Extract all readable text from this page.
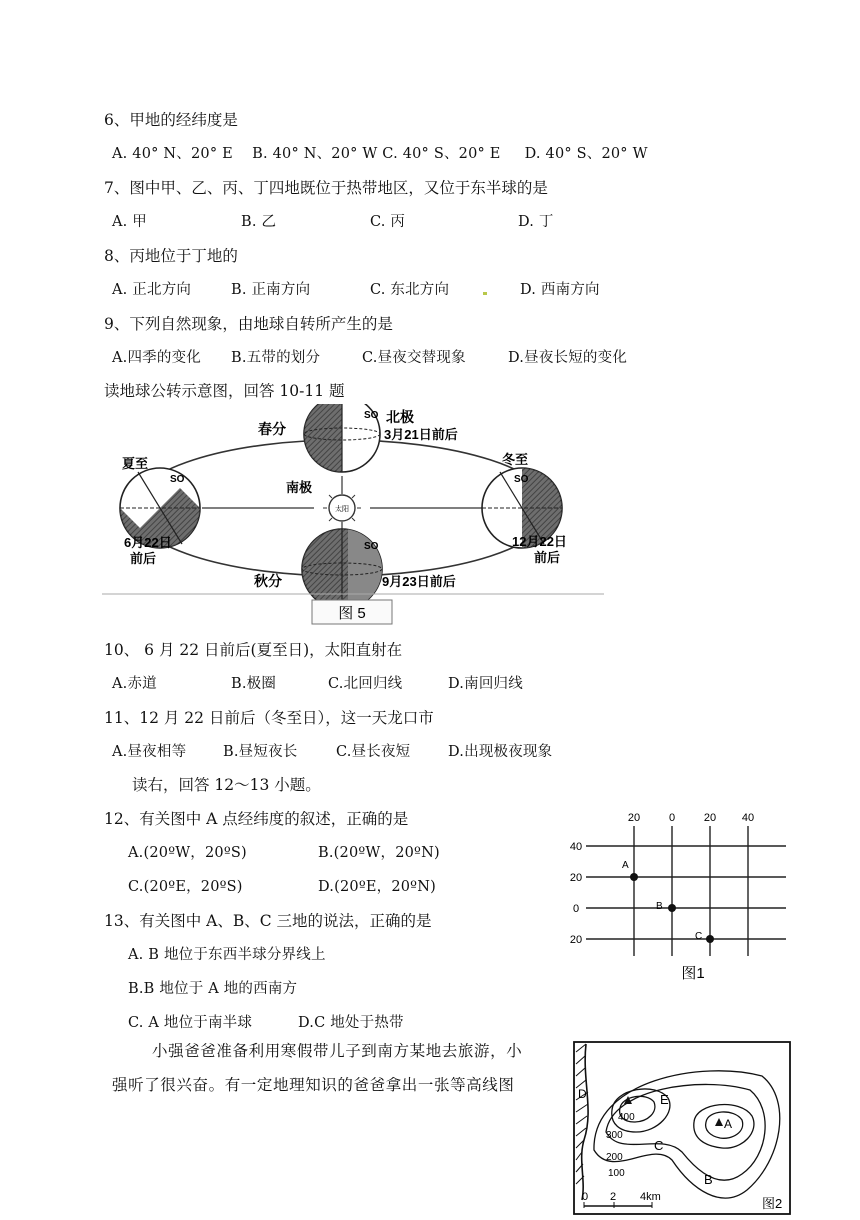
6、甲地的经纬度是
A. 40° N、20° E    B. 40° N、20° W C. 40° S、20° E     D. 40° S、20° W
7、图中甲、乙、丙、丁四地既位于热带地区，又位于东半球的是
A. 甲	B. 乙	C. 丙	D. 丁
8、丙地位于丁地的
A. 正北方向	B. 正南方向	C. 东北方向	D. 西南方向
9、下列自然现象，由地球自转所产生的是
A.四季的变化 B.五带的划分	C.昼夜交替现象	D.昼夜长短的变化
读地球公转示意图，回答 10-11 题
太阳
SO
SO	SO
SO
春分
北极
3月21日前后
南极
夏至
6月22日
前后
冬至
12月22日
前后
秋分	9月23日前后
图 5
10、 6 月 22 日前后(夏至日)，太阳直射在
A.赤道	B.极圈	C.北回归线	D.南回归线
11、12 月 22 日前后（冬至日），这一天龙口市
A.昼夜相等	B.昼短夜长	C.昼长夜短	D.出现极夜现象
读右，回答 12～13 小题。
12、有关图中 A 点经纬度的叙述，正确的是
A.(20ºW，20ºS)	B.(20ºW，20ºN)
C.(20ºE，20ºS)	D.(20ºE，20ºN)
13、有关图中 A、B、C 三地的说法，正确的是
A. B 地位于东西半球分界线上
B.B 地位于 A 地的西南方
C. A 地位于南半球	D.C 地处于热带
20	0	20 40
40
20
0
20
A
B
C
图1
小强爸爸准备利用寒假带儿子到南方某地去旅游，小
强听了很兴奋。有一定地理知识的爸爸拿出一张等高线图	D	E
A
C
B
400
300
200
100
0 2 4km	图2
